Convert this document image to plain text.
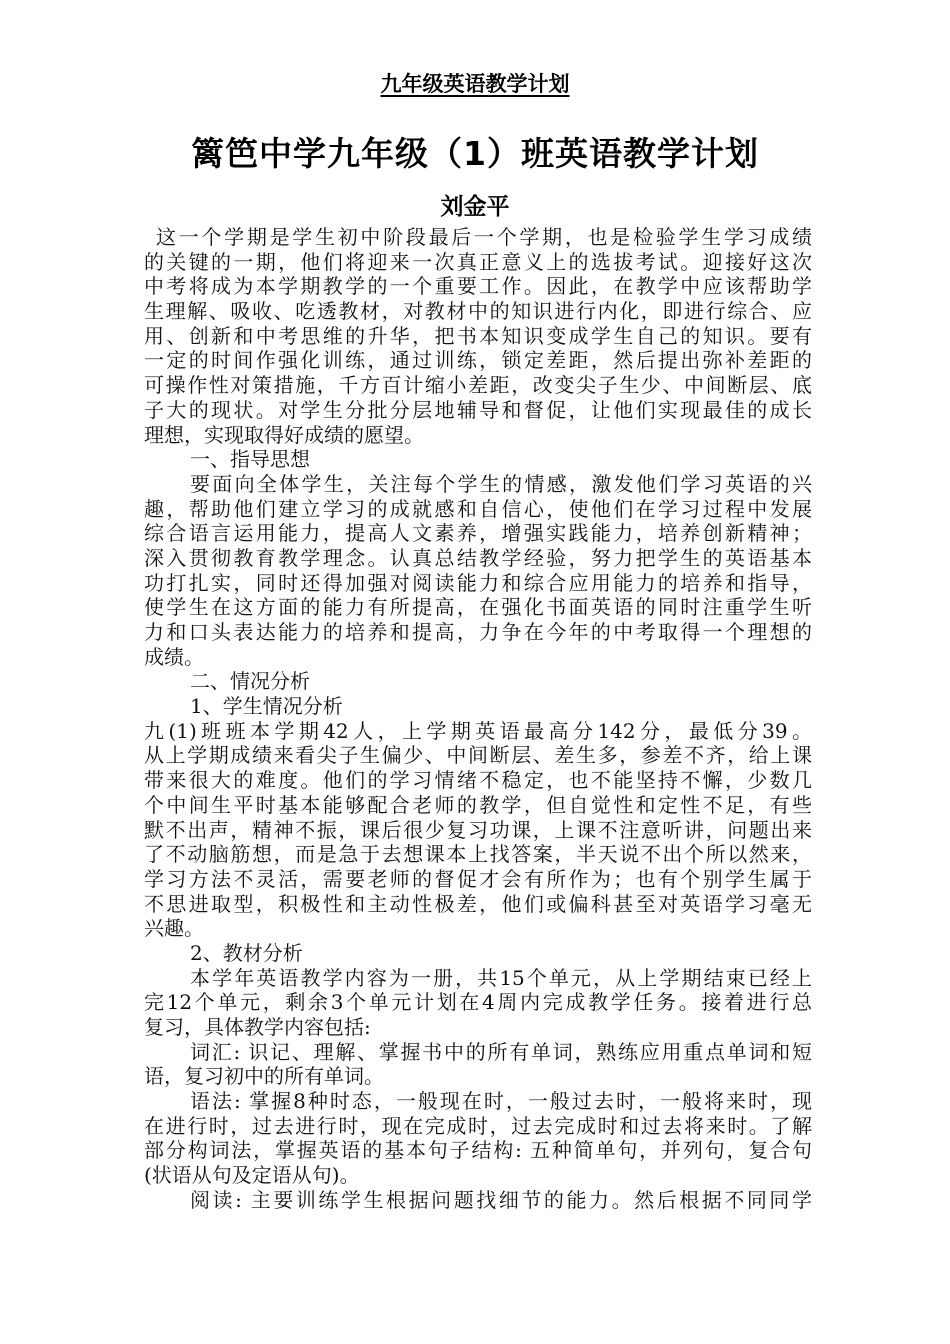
九年级英语教学计划
篱笆中学九年级（1）班英语教学计划
刘金平
这一个学期是学生初中阶段最后一个学期，也是检验学生学习成绩
的关键的一期，他们将迎来一次真正意义上的选拔考试。迎接好这次
中考将成为本学期教学的一个重要工作。因此，在教学中应该帮助学
生理解、吸收、吃透教材，对教材中的知识进行内化，即进行综合、应
用、创新和中考思维的升华，把书本知识变成学生自己的知识。要有
一定的时间作强化训练，通过训练，锁定差距，然后提出弥补差距的
可操作性对策措施，千方百计缩小差距，改变尖子生少、中间断层、底
子大的现状。对学生分批分层地辅导和督促，让他们实现最佳的成长
理想，实现取得好成绩的愿望。
一、指导思想
要面向全体学生，关注每个学生的情感，激发他们学习英语的兴
趣，帮助他们建立学习的成就感和自信心，使他们在学习过程中发展
综合语言运用能力，提高人文素养，增强实践能力，培养创新精神；
深入贯彻教育教学理念。认真总结教学经验，努力把学生的英语基本
功打扎实，同时还得加强对阅读能力和综合应用能力的培养和指导，
使学生在这方面的能力有所提高，在强化书面英语的同时注重学生听
力和口头表达能力的培养和提高，力争在今年的中考取得一个理想的
成绩。
二、情况分析
1、学生情况分析
九(1)班班本学期42人，上学期英语最高分142分，最低分39。
从上学期成绩来看尖子生偏少、中间断层、差生多，参差不齐，给上课
带来很大的难度。他们的学习情绪不稳定，也不能坚持不懈，少数几
个中间生平时基本能够配合老师的教学，但自觉性和定性不足，有些
默不出声，精神不振，课后很少复习功课，上课不注意听讲，问题出来
了不动脑筋想，而是急于去想课本上找答案，半天说不出个所以然来，
学习方法不灵活，需要老师的督促才会有所作为；也有个别学生属于
不思进取型，积极性和主动性极差，他们或偏科甚至对英语学习毫无
兴趣。
2、教材分析
本学年英语教学内容为一册，共15个单元，从上学期结束已经上
完12个单元，剩余3个单元计划在4周内完成教学任务。接着进行总
复习，具体教学内容包括:
词汇: 识记、理解、掌握书中的所有单词，熟练应用重点单词和短
语，复习初中的所有单词。
语法: 掌握8种时态，一般现在时，一般过去时，一般将来时，现
在进行时，过去进行时，现在完成时，过去完成时和过去将来时。了解
部分构词法，掌握英语的基本句子结构: 五种简单句，并列句，复合句
(状语从句及定语从句)。
阅读: 主要训练学生根据问题找细节的能力。然后根据不同同学
